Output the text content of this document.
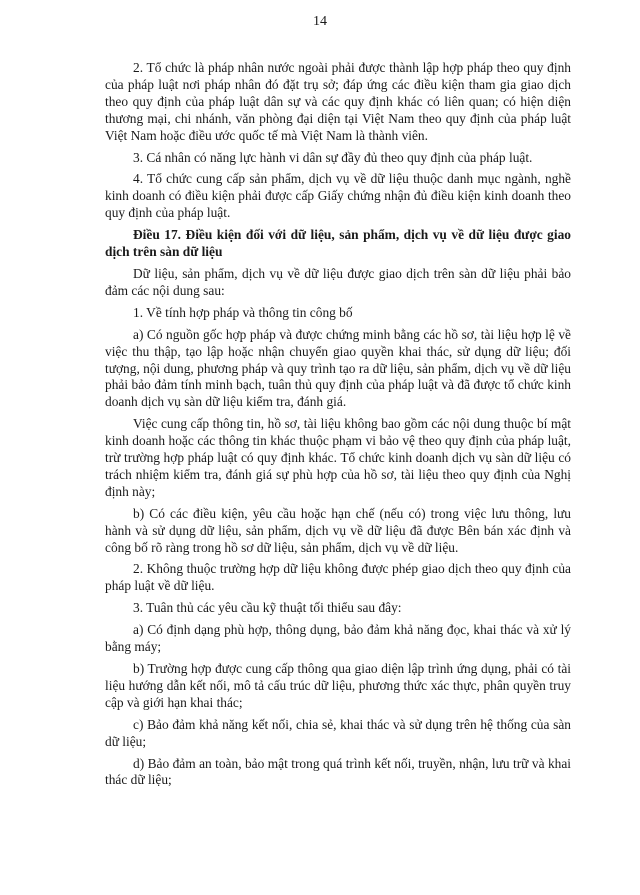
14

2. Tổ chức là pháp nhân nước ngoài phải được thành lập hợp pháp theo quy định của pháp luật nơi pháp nhân đó đặt trụ sở; đáp ứng các điều kiện tham gia giao dịch theo quy định của pháp luật dân sự và các quy định khác có liên quan; có hiện diện thương mại, chi nhánh, văn phòng đại diện tại Việt Nam theo quy định của pháp luật Việt Nam hoặc điều ước quốc tế mà Việt Nam là thành viên.

3. Cá nhân có năng lực hành vi dân sự đầy đủ theo quy định của pháp luật.

4. Tổ chức cung cấp sản phẩm, dịch vụ về dữ liệu thuộc danh mục ngành, nghề kinh doanh có điều kiện phải được cấp Giấy chứng nhận đủ điều kiện kinh doanh theo quy định của pháp luật.

Điều 17. Điều kiện đối với dữ liệu, sản phẩm, dịch vụ về dữ liệu được giao dịch trên sàn dữ liệu

Dữ liệu, sản phẩm, dịch vụ về dữ liệu được giao dịch trên sàn dữ liệu phải bảo đảm các nội dung sau:

1. Về tính hợp pháp và thông tin công bố

a) Có nguồn gốc hợp pháp và được chứng minh bằng các hồ sơ, tài liệu hợp lệ về việc thu thập, tạo lập hoặc nhận chuyển giao quyền khai thác, sử dụng dữ liệu; đối tượng, nội dung, phương pháp và quy trình tạo ra dữ liệu, sản phẩm, dịch vụ về dữ liệu phải bảo đảm tính minh bạch, tuân thủ quy định của pháp luật và đã được tổ chức kinh doanh dịch vụ sàn dữ liệu kiểm tra, đánh giá.

Việc cung cấp thông tin, hồ sơ, tài liệu không bao gồm các nội dung thuộc bí mật kinh doanh hoặc các thông tin khác thuộc phạm vi bảo vệ theo quy định của pháp luật, trừ trường hợp pháp luật có quy định khác. Tổ chức kinh doanh dịch vụ sàn dữ liệu có trách nhiệm kiểm tra, đánh giá sự phù hợp của hồ sơ, tài liệu theo quy định của Nghị định này;

b) Có các điều kiện, yêu cầu hoặc hạn chế (nếu có) trong việc lưu thông, lưu hành và sử dụng dữ liệu, sản phẩm, dịch vụ về dữ liệu đã được Bên bán xác định và công bố rõ ràng trong hồ sơ dữ liệu, sản phẩm, dịch vụ về dữ liệu.

2. Không thuộc trường hợp dữ liệu không được phép giao dịch theo quy định của pháp luật về dữ liệu.

3. Tuân thủ các yêu cầu kỹ thuật tối thiểu sau đây:

a) Có định dạng phù hợp, thông dụng, bảo đảm khả năng đọc, khai thác và xử lý bằng máy;

b) Trường hợp được cung cấp thông qua giao diện lập trình ứng dụng, phải có tài liệu hướng dẫn kết nối, mô tả cấu trúc dữ liệu, phương thức xác thực, phân quyền truy cập và giới hạn khai thác;

c) Bảo đảm khả năng kết nối, chia sẻ, khai thác và sử dụng trên hệ thống của sàn dữ liệu;

d) Bảo đảm an toàn, bảo mật trong quá trình kết nối, truyền, nhận, lưu trữ và khai thác dữ liệu;
